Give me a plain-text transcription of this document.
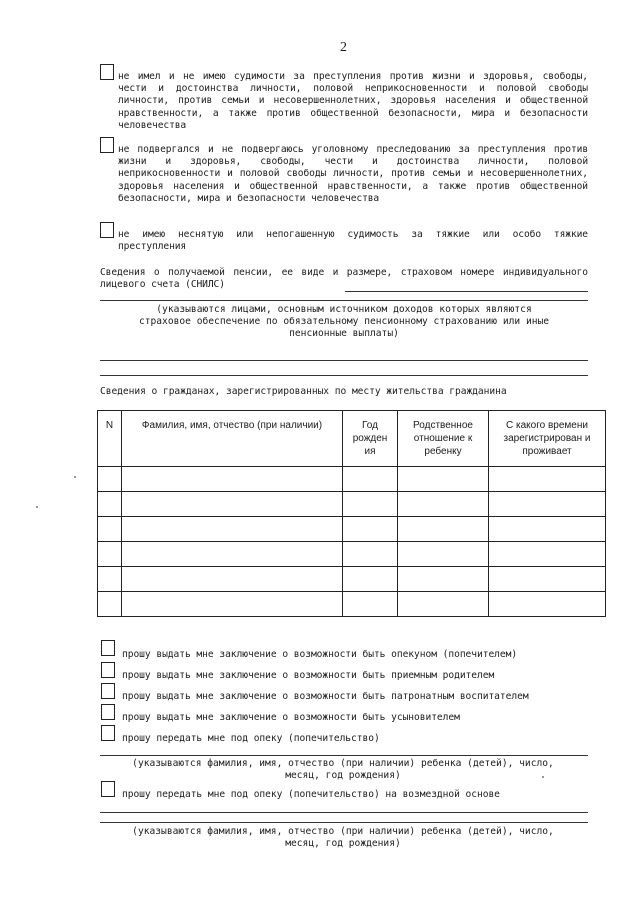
2
не имел и не имею судимости за преступления против жизни и здоровья, свободы, чести и достоинства личности, половой неприкосновенности и половой свободы личности, против семьи и несовершеннолетних, здоровья населения и общественной нравственности, а также против общественной безопасности, мира и безопасности человечества
не подвергался и не подвергаюсь уголовному преследованию за преступления против жизни и здоровья, свободы, чести и достоинства личности, половой неприкосновенности и половой свободы личности, против семьи и несовершеннолетних, здоровья населения и общественной нравственности, а также против общественной безопасности, мира и безопасности человечества
не имею неснятую или непогашенную судимость за тяжкие или особо тяжкие преступления
Сведения о получаемой пенсии, ее виде и размере, страховом номере индивидуального лицевого счета (СНИЛС)
(указываются лицами, основным источником доходов которых являются страховое обеспечение по обязательному пенсионному страхованию или иные пенсионные выплаты)
Сведения о гражданах, зарегистрированных по месту жительства гражданина
N	Фамилия, имя, отчество (при наличии)	Год рожден ия	Родственное отношение к ребенку	С какого времени зарегистрирован и проживает

прошу выдать мне заключение о возможности быть опекуном (попечителем)
прошу выдать мне заключение о возможности быть приемным родителем
прошу выдать мне заключение о возможности быть патронатным воспитателем
прошу выдать мне заключение о возможности быть усыновителем
прошу передать мне под опеку (попечительство)
(указываются фамилия, имя, отчество (при наличии) ребенка (детей), число, месяц, год рождения)
прошу передать мне под опеку (попечительство) на возмездной основе
(указываются фамилия, имя, отчество (при наличии) ребенка (детей), число, месяц, год рождения)
